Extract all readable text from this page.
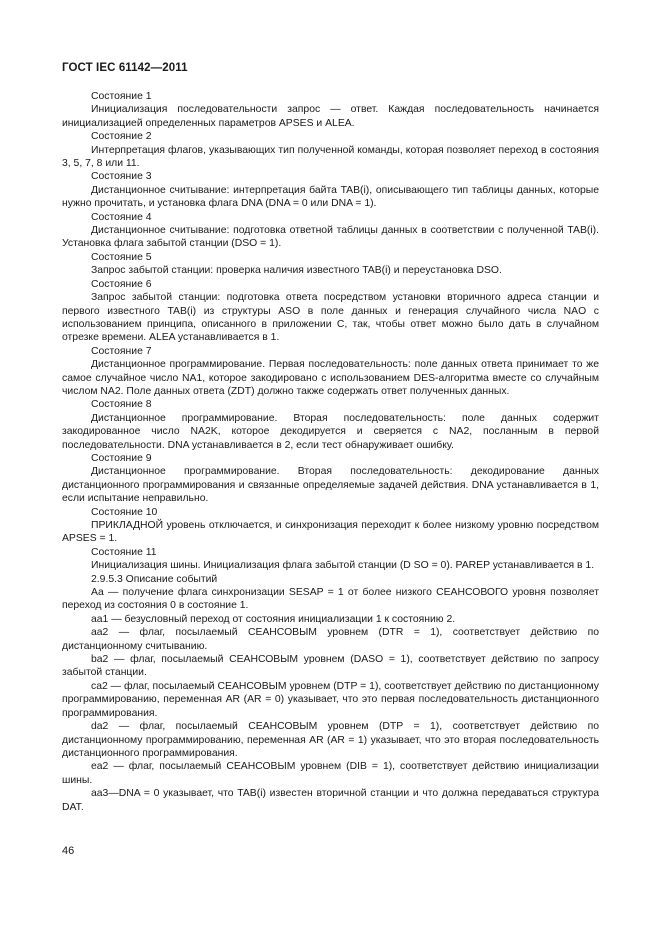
ГОСТ IEC 61142—2011

Состояние 1

Инициализация последовательности запрос — ответ. Каждая последовательность начинается инициализацией определенных параметров APSES и ALEA.

Состояние 2

Интерпретация флагов, указывающих тип полученной команды, которая позволяет переход в состояния 3, 5, 7, 8 или 11.

Состояние 3

Дистанционное считывание: интерпретация байта TAB(i), описывающего тип таблицы данных, которые нужно прочитать, и установка флага DNA (DNA = 0 или DNA = 1).

Состояние 4

Дистанционное считывание: подготовка ответной таблицы данных в соответствии с полученной TAB(i). Установка флага забытой станции (DSO = 1).

Состояние 5

Запрос забытой станции: проверка наличия известного TAB(i) и переустановка DSO.

Состояние 6

Запрос забытой станции: подготовка ответа посредством установки вторичного адреса станции и первого известного TAB(i) из структуры ASO в поле данных и генерация случайного числа NAO с использованием принципа, описанного в приложении С, так, чтобы ответ можно было дать в случайном отрезке времени. ALEA устанавливается в 1.

Состояние 7

Дистанционное программирование. Первая последовательность: поле данных ответа принимает то же самое случайное число NA1, которое закодировано с использованием DES-алгоритма вместе со случайным числом NA2. Поле данных ответа (ZDT) должно также содержать ответ полученных данных.

Состояние 8

Дистанционное программирование. Вторая последовательность: поле данных содержит закодированное число NA2K, которое декодируется и сверяется с NA2, посланным в первой последовательности. DNA устанавливается в 2, если тест обнаруживает ошибку.

Состояние 9

Дистанционное программирование. Вторая последовательность: декодирование данных дистанционного программирования и связанные определяемые задачей действия. DNA устанавливается в 1, если испытание неправильно.

Состояние 10

ПРИКЛАДНОЙ уровень отключается, и синхронизация переходит к более низкому уровню посредством APSES = 1.

Состояние 11

Инициализация шины. Инициализация флага забытой станции (D SO = 0). PAREP устанавливается в 1.

2.9.5.3 Описание событий

Аа — получение флага синхронизации SESAP = 1 от более низкого СЕАНСОВОГО уровня позволяет переход из состояния 0 в состояние 1.

аа1 — безусловный переход от состояния инициализации 1 к состоянию 2.

аа2 — флаг, посылаемый СЕАНСОВЫМ уровнем (DTR = 1), соответствует действию по дистанционному считыванию.

ba2 — флаг, посылаемый СЕАНСОВЫМ уровнем (DASO = 1), соответствует действию по запросу забытой станции.

ca2 — флаг, посылаемый СЕАНСОВЫМ уровнем (DTP = 1), соответствует действию по дистанционному программированию, переменная AR (AR = 0) указывает, что это первая последовательность дистанционного программирования.

da2 — флаг, посылаемый СЕАНСОВЫМ уровнем (DTP = 1), соответствует действию по дистанционному программированию, переменная AR (AR = 1) указывает, что это вторая последовательность дистанционного программирования.

еа2 — флаг, посылаемый СЕАНСОВЫМ уровнем (DIB = 1), соответствует действию инициализации шины.

аа3—DNA = 0 указывает, что TAB(i) известен вторичной станции и что должна передаваться структура DAT.

46
